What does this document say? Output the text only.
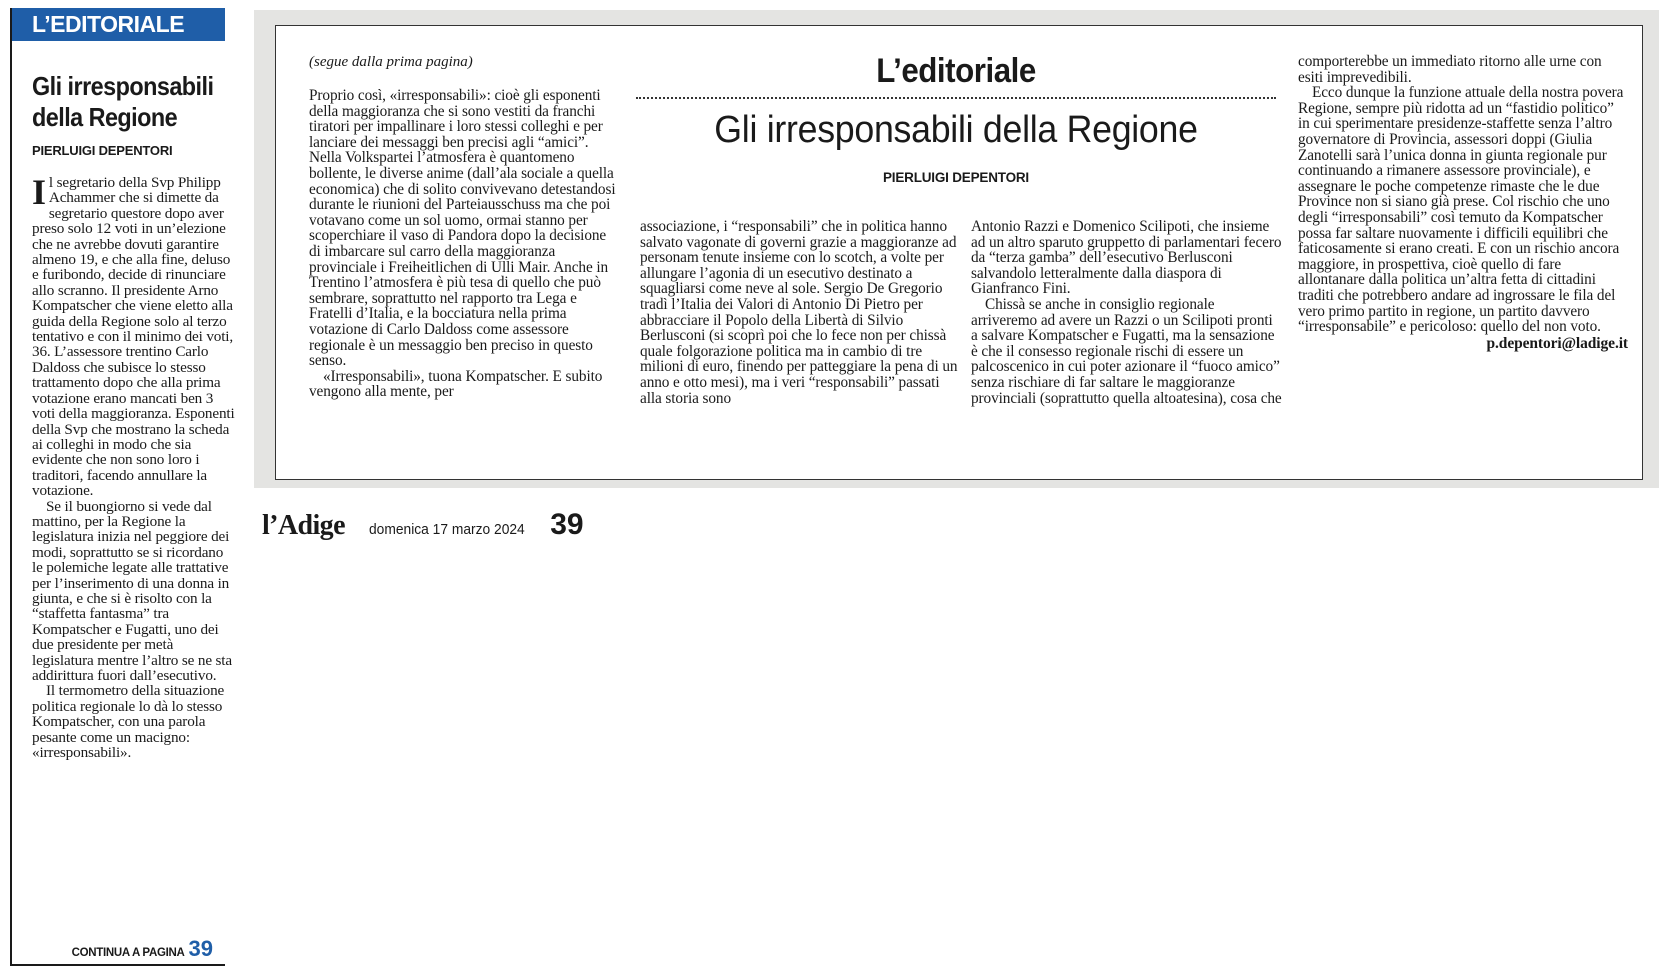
L’EDITORIALE
Gli irresponsabili della Regione
PIERLUIGI DEPENTORI

Il segretario della Svp Philipp Achammer che si dimette da segretario questore dopo aver preso solo 12 voti in un’elezione che ne avrebbe dovuti garantire almeno 19, e che alla fine, deluso e furibondo, decide di rinunciare allo scranno. Il presidente Arno Kompatscher che viene eletto alla guida della Regione solo al terzo tentativo e con il minimo dei voti, 36. L’assessore trentino Carlo Daldoss che subisce lo stesso trattamento dopo che alla prima votazione erano mancati ben 3 voti della maggioranza. Esponenti della Svp che mostrano la scheda ai colleghi in modo che sia evidente che non sono loro i traditori, facendo annullare la votazione.

Se il buongiorno si vede dal mattino, per la Regione la legislatura inizia nel peggiore dei modi, soprattutto se si ricordano le polemiche legate alle trattative per l’inserimento di una donna in giunta, e che si è risolto con la “staffetta fantasma” tra Kompatscher e Fugatti, uno dei due presidente per metà legislatura mentre l’altro se ne sta addirittura fuori dall’esecutivo.

Il termometro della situazione politica regionale lo dà lo stesso Kompatscher, con una parola pesante come un macigno: «irresponsabili».

CONTINUA A PAGINA 39
(segue dalla prima pagina)

Proprio così, «irresponsabili»: cioè gli esponenti della maggioranza che si sono vestiti da franchi tiratori per impallinare i loro stessi colleghi e per lanciare dei messaggi ben precisi agli “amici”. Nella Volkspartei l’atmosfera è quantomeno bollente, le diverse anime (dall’ala sociale a quella economica) che di solito convivevano detestandosi durante le riunioni del Parteiausschuss ma che poi votavano come un sol uomo, ormai stanno per scoperchiare il vaso di Pandora dopo la decisione di imbarcare sul carro della maggioranza provinciale i Freiheitlichen di Ulli Mair. Anche in Trentino l’atmosfera è più tesa di quello che può sembrare, soprattutto nel rapporto tra Lega e Fratelli d’Italia, e la bocciatura nella prima votazione di Carlo Daldoss come assessore regionale è un messaggio ben preciso in questo senso.

«Irresponsabili», tuona Kompatscher. E subito vengono alla mente, per

L’editoriale
Gli irresponsabili della Regione
PIERLUIGI DEPENTORI

associazione, i “responsabili” che in politica hanno salvato vagonate di governi grazie a maggioranze ad personam tenute insieme con lo scotch, a volte per allungare l’agonia di un esecutivo destinato a squagliarsi come neve al sole. Sergio De Gregorio tradì l’Italia dei Valori di Antonio Di Pietro per abbracciare il Popolo della Libertà di Silvio Berlusconi (si scoprì poi che lo fece non per chissà quale folgorazione politica ma in cambio di tre milioni di euro, finendo per patteggiare la pena di un anno e otto mesi), ma i veri “responsabili” passati alla storia sono

Antonio Razzi e Domenico Scilipoti, che insieme ad un altro sparuto gruppetto di parlamentari fecero da “terza gamba” dell’esecutivo Berlusconi salvandolo letteralmente dalla diaspora di Gianfranco Fini.

Chissà se anche in consiglio regionale arriveremo ad avere un Razzi o un Scilipoti pronti a salvare Kompatscher e Fugatti, ma la sensazione è che il consesso regionale rischi di essere un palcoscenico in cui poter azionare il “fuoco amico” senza rischiare di far saltare le maggioranze provinciali (soprattutto quella altoatesina), cosa che

comporterebbe un immediato ritorno alle urne con esiti imprevedibili.

Ecco dunque la funzione attuale della nostra povera Regione, sempre più ridotta ad un “fastidio politico” in cui sperimentare presidenze-staffette senza l’altro governatore di Provincia, assessori doppi (Giulia Zanotelli sarà l’unica donna in giunta regionale pur continuando a rimanere assessore provinciale), e assegnare le poche competenze rimaste che le due Province non si siano già prese. Col rischio che uno degli “irresponsabili” così temuto da Kompatscher possa far saltare nuovamente i difficili equilibri che faticosamente si erano creati. E con un rischio ancora maggiore, in prospettiva, cioè quello di fare allontanare dalla politica un’altra fetta di cittadini traditi che potrebbero andare ad ingrossare le fila del vero primo partito in regione, un partito davvero “irresponsabile” e pericoloso: quello del non voto.

p.depentori@ladige.it
l’Adige domenica 17 marzo 2024 39
